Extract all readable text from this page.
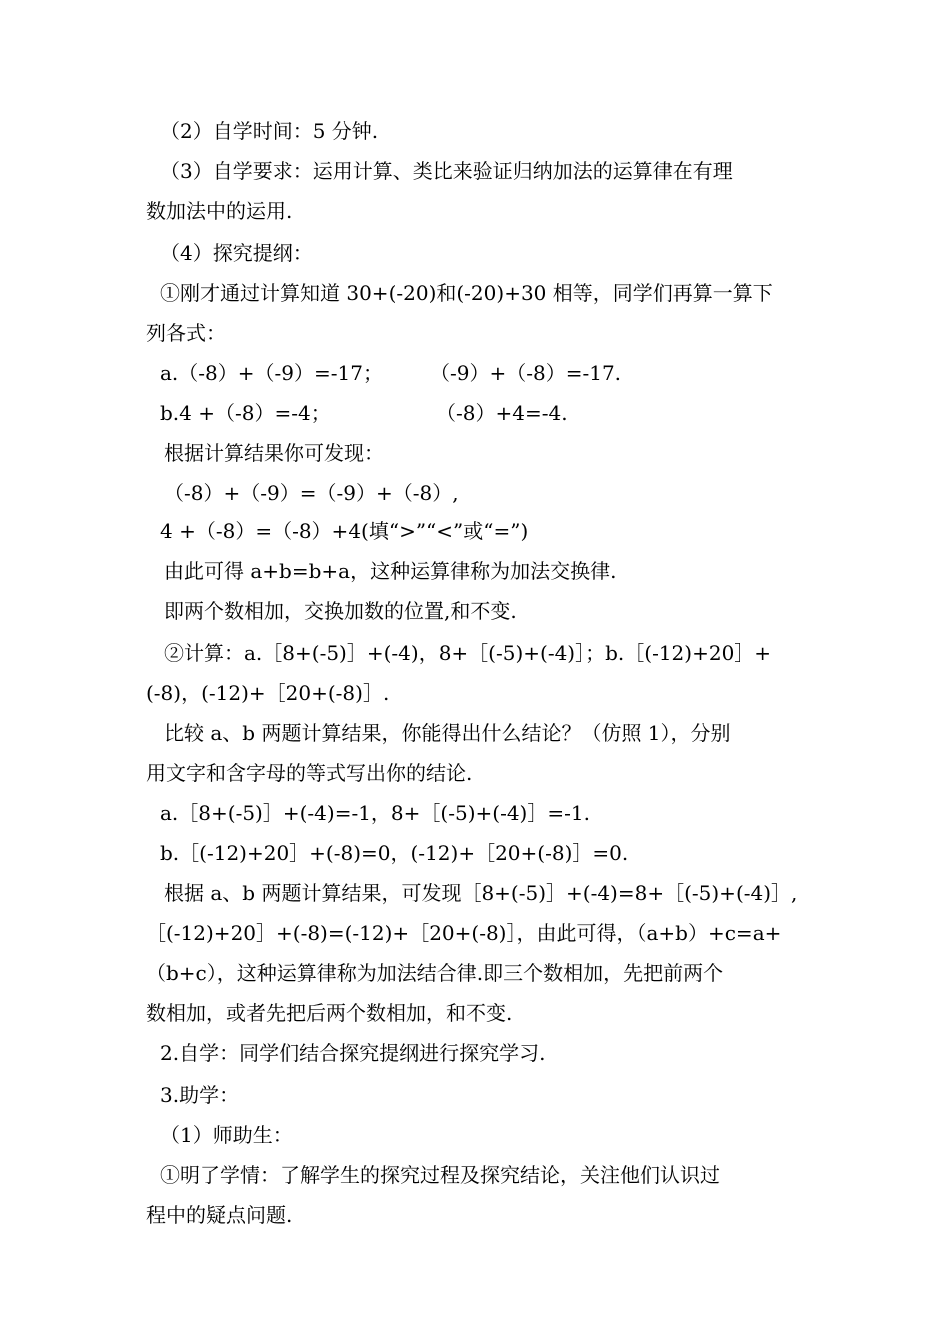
（2）自学时间：5 分钟.
（3）自学要求：运用计算、类比来验证归纳加法的运算律在有理
数加法中的运用.
（4）探究提纲：
①刚才通过计算知道 30+(-20)和(-20)+30 相等，同学们再算一算下
列各式：
a.（-8）+（-9）=-17； （-9）+（-8）=-17.
b.4 +（-8）=-4；	（-8）+4=-4.
根据计算结果你可发现：
（-8）+（-9）=（-9）+（-8）,
4 +（-8）=（-8）+4(填“>”“<”或“=”)
由此可得 a+b=b+a，这种运算律称为加法交换律.
即两个数相加，交换加数的位置,和不变.
②计算：a.［8+(-5)］+(-4)，8+［(-5)+(-4)］；b.［(-12)+20］+
(-8)，(-12)+［20+(-8)］.
比较 a、b 两题计算结果，你能得出什么结论？（仿照 1），分别
用文字和含字母的等式写出你的结论.
a.［8+(-5)］+(-4)=-1，8+［(-5)+(-4)］=-1.
b.［(-12)+20］+(-8)=0，(-12)+［20+(-8)］=0.
根据 a、b 两题计算结果，可发现［8+(-5)］+(-4)=8+［(-5)+(-4)］,
［(-12)+20］+(-8)=(-12)+［20+(-8)］，由此可得，（a+b）+c=a+
（b+c），这种运算律称为加法结合律.即三个数相加，先把前两个
数相加，或者先把后两个数相加，和不变.
2.自学：同学们结合探究提纲进行探究学习.
3.助学：
（1）师助生：
①明了学情：了解学生的探究过程及探究结论，关注他们认识过
程中的疑点问题.
